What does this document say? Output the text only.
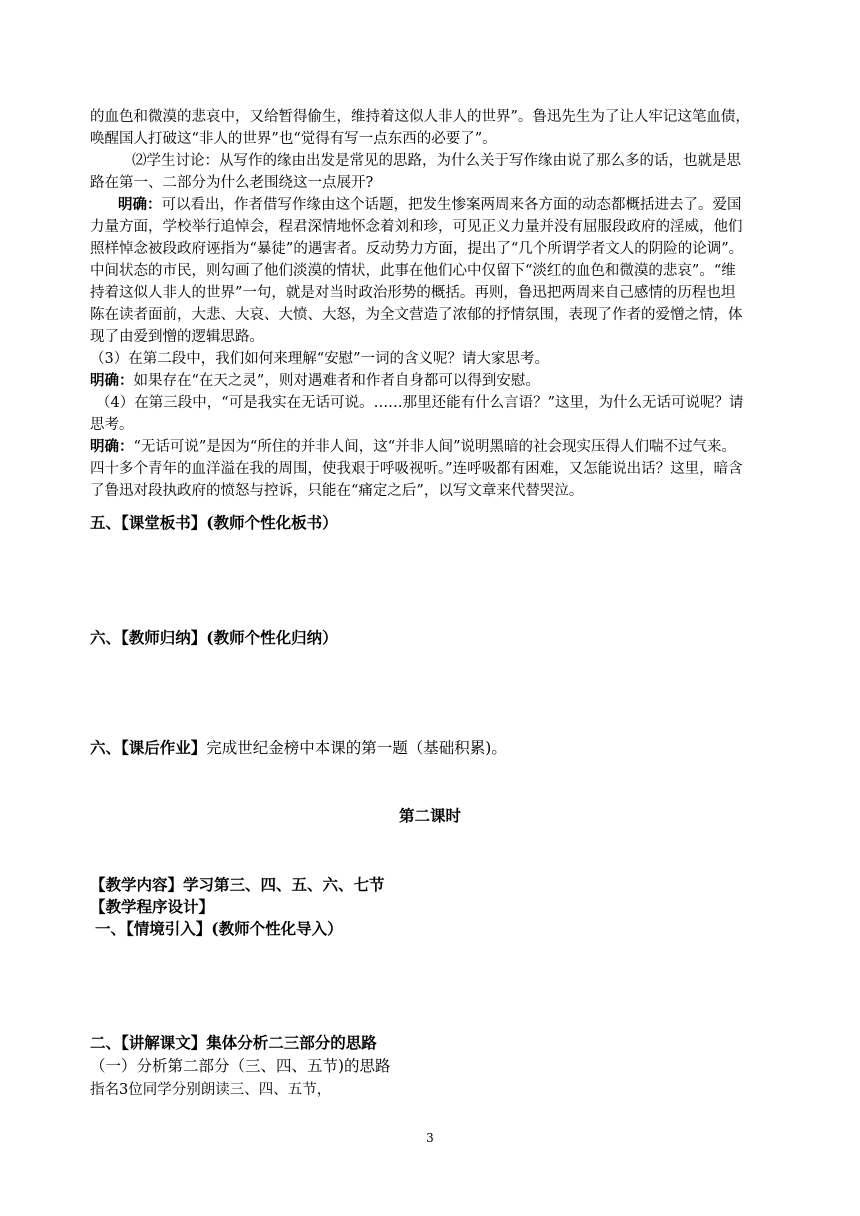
的血色和微漠的悲哀中，又给暂得偷生，维持着这似人非人的世界”。鲁迅先生为了让人牢记这笔血债，
唤醒国人打破这“非人的世界”也“觉得有写一点东西的必要了”。
⑵学生讨论：从写作的缘由出发是常见的思路，为什么关于写作缘由说了那么多的话，也就是思
路在第一、二部分为什么老围绕这一点展开?
明确：可以看出，作者借写作缘由这个话题，把发生惨案两周来各方面的动态都概括进去了。爱国
力量方面，学校举行追悼会，程君深情地怀念着刘和珍，可见正义力量并没有屈服段政府的淫威，他们
照样悼念被段政府诬指为“暴徒”的遇害者。反动势力方面，提出了“几个所谓学者文人的阴险的论调”。
中间状态的市民，则勾画了他们淡漠的情状，此事在他们心中仅留下“淡红的血色和微漠的悲哀”。“维
持着这似人非人的世界”一句，就是对当时政治形势的概括。再则，鲁迅把两周来自己感情的历程也坦
陈在读者面前，大悲、大哀、大愤、大怒，为全文营造了浓郁的抒情氛围，表现了作者的爱憎之情，体
现了由爱到憎的逻辑思路。
（3）在第二段中，我们如何来理解“安慰”一词的含义呢？请大家思考。
明确：如果存在“在天之灵”，则对遇难者和作者自身都可以得到安慰。
（4）在第三段中，“可是我实在无话可说。……那里还能有什么言语？”这里，为什么无话可说呢？请
思考。
明确：“无话可说”是因为“所住的并非人间，这“并非人间”说明黑暗的社会现实压得人们喘不过气来。
四十多个青年的血洋溢在我的周围，使我艰于呼吸视听。”连呼吸都有困难，又怎能说出话？这里，暗含
了鲁迅对段执政府的愤怒与控诉，只能在“痛定之后”，以写文章来代替哭泣。
五、【课堂板书】(教师个性化板书）
六、【教师归纳】(教师个性化归纳）
六、【课后作业】完成世纪金榜中本课的第一题（基础积累)。
第二课时
【教学内容】学习第三、四、五、六、七节
【教学程序设计】
一、【情境引入】(教师个性化导入）
二、【讲解课文】集体分析二三部分的思路
（一）分析第二部分（三、四、五节)的思路
指名3位同学分别朗读三、四、五节，
3
